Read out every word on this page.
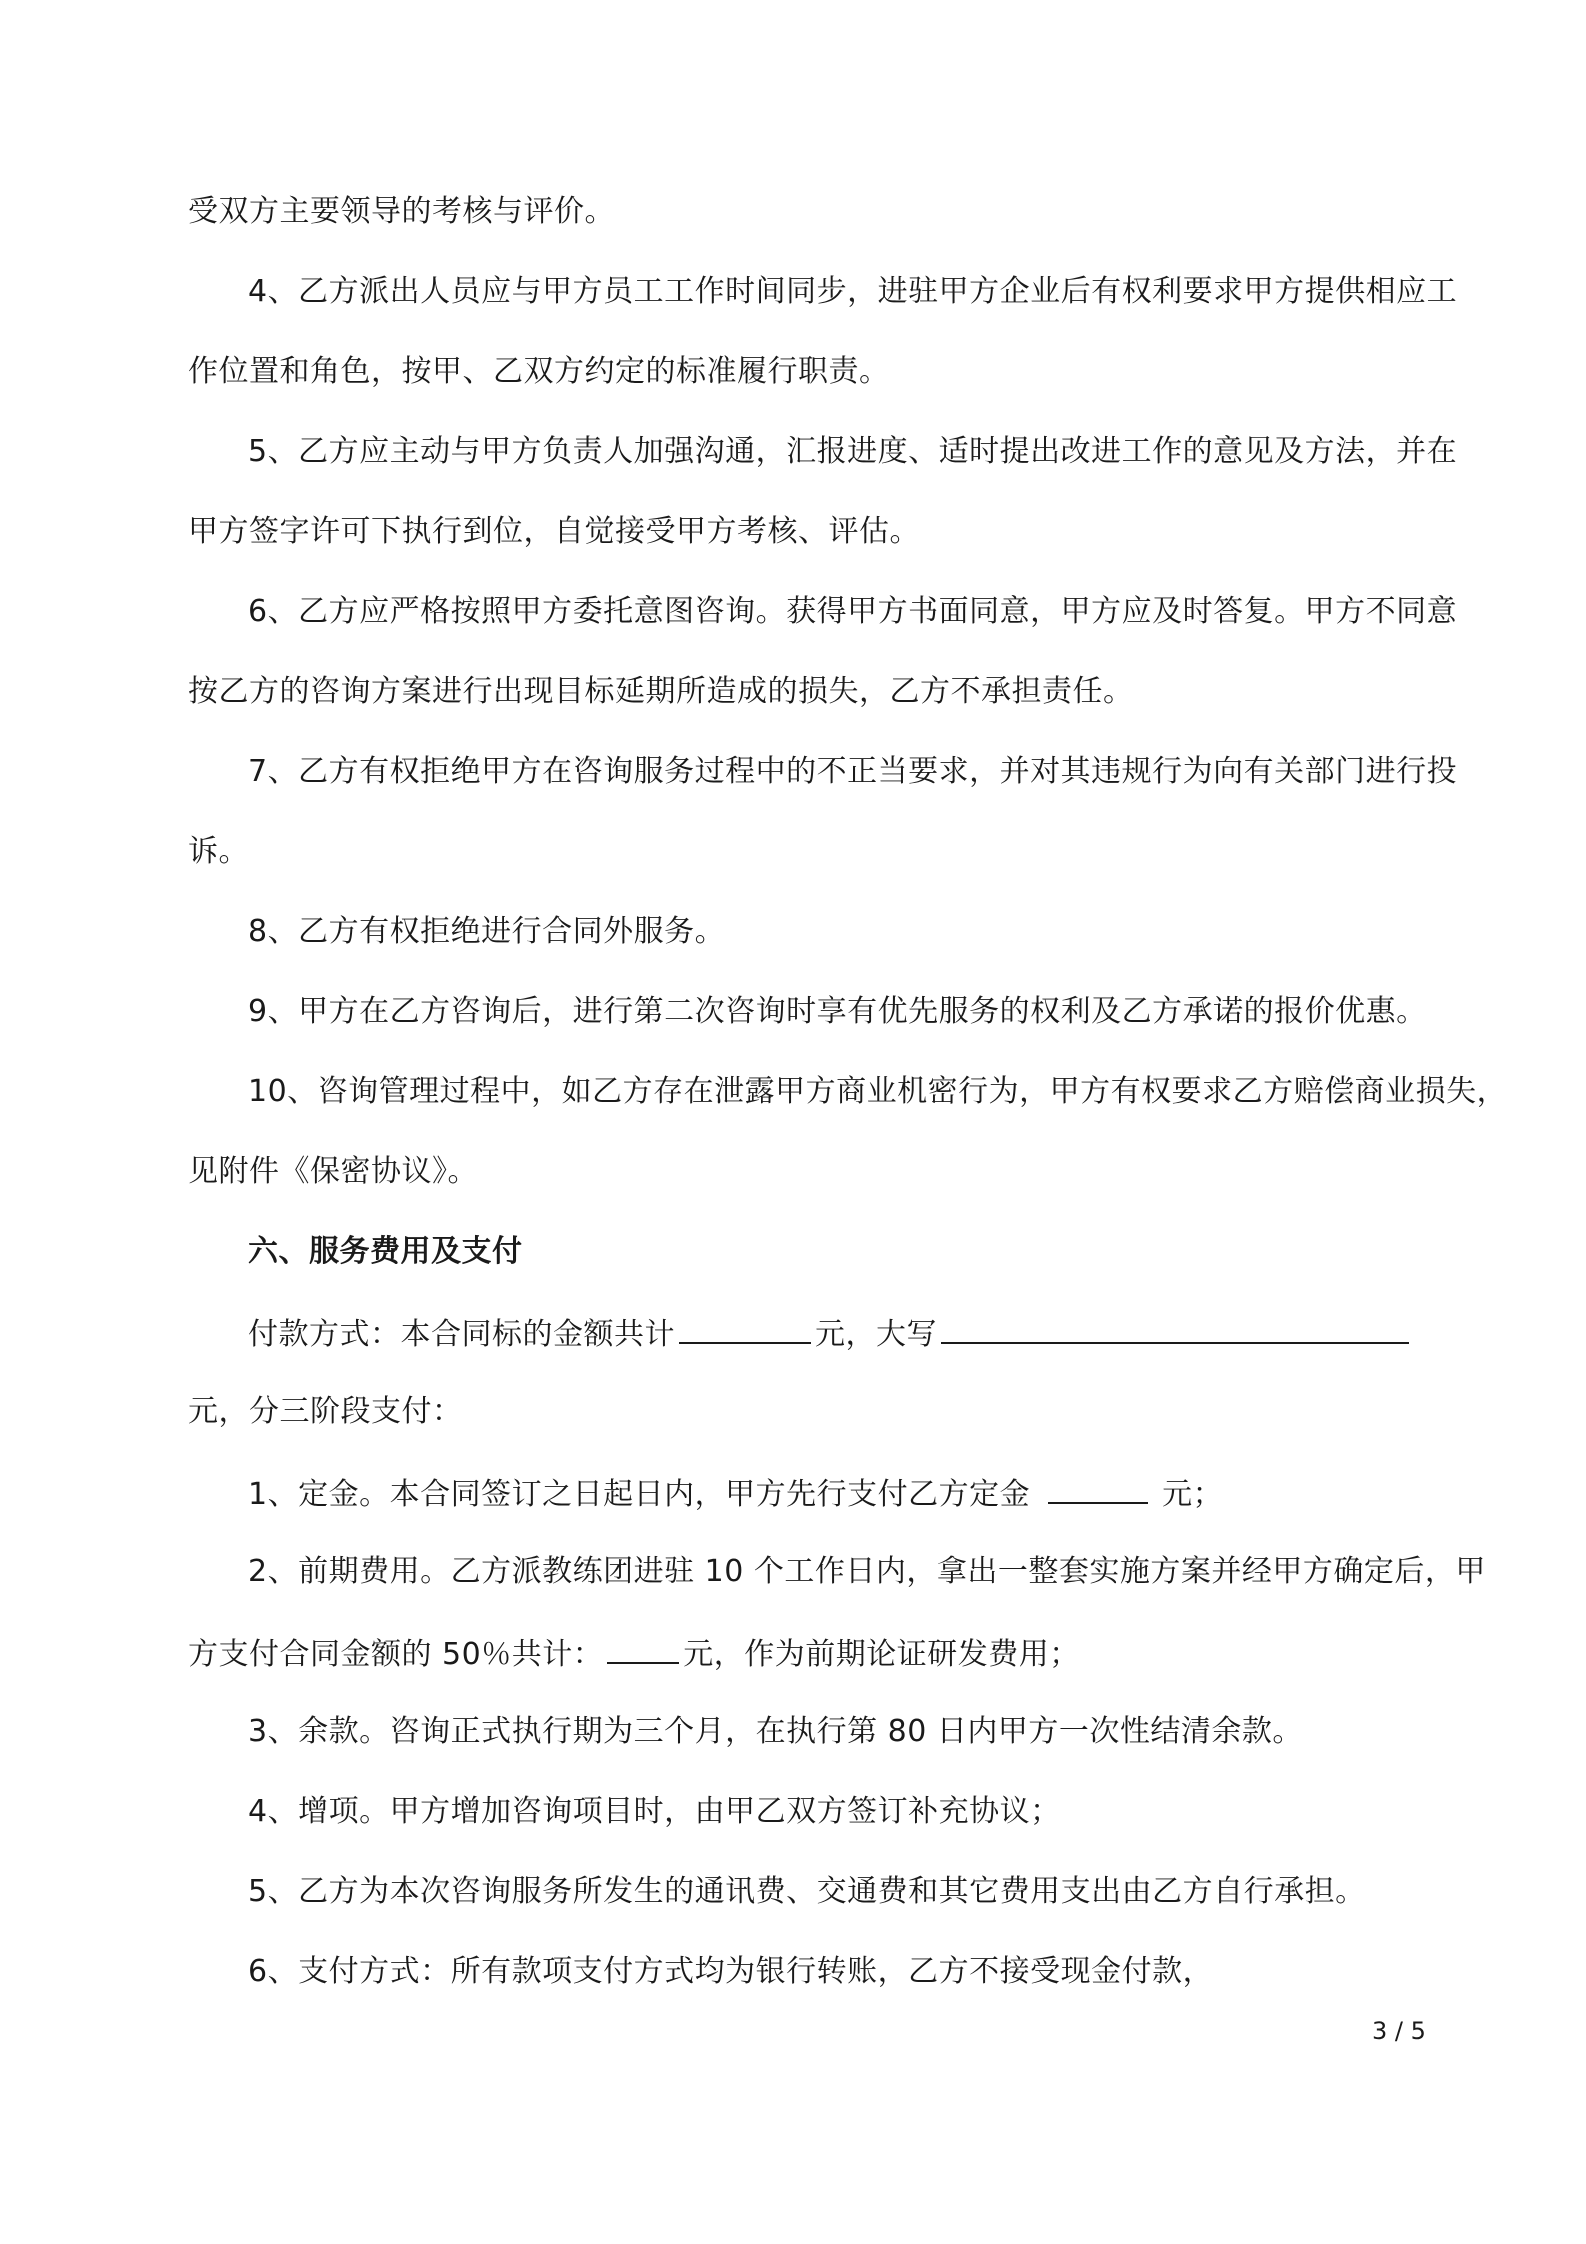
受双方主要领导的考核与评价。
4、乙方派出人员应与甲方员工工作时间同步，进驻甲方企业后有权利要求甲方提供相应工
作位置和角色，按甲、乙双方约定的标准履行职责。
5、乙方应主动与甲方负责人加强沟通，汇报进度、适时提出改进工作的意见及方法，并在
甲方签字许可下执行到位，自觉接受甲方考核、评估。
6、乙方应严格按照甲方委托意图咨询。获得甲方书面同意，甲方应及时答复。甲方不同意
按乙方的咨询方案进行出现目标延期所造成的损失，乙方不承担责任。
7、乙方有权拒绝甲方在咨询服务过程中的不正当要求，并对其违规行为向有关部门进行投
诉。
8、乙方有权拒绝进行合同外服务。
9、甲方在乙方咨询后，进行第二次咨询时享有优先服务的权利及乙方承诺的报价优惠。
10、咨询管理过程中，如乙方存在泄露甲方商业机密行为，甲方有权要求乙方赔偿商业损失，
见附件《保密协议》。
六、服务费用及支付
付款方式：本合同标的金额共计	元，大写
元，分三阶段支付：
1、定金。本合同签订之日起日内，甲方先行支付乙方定金	元；
2、前期费用。乙方派教练团进驻 10 个工作日内，拿出一整套实施方案并经甲方确定后，甲
方支付合同金额的 50％共计：	元，作为前期论证研发费用；
3、余款。咨询正式执行期为三个月，在执行第 80 日内甲方一次性结清余款。
4、增项。甲方增加咨询项目时，由甲乙双方签订补充协议；
5、乙方为本次咨询服务所发生的通讯费、交通费和其它费用支出由乙方自行承担。
6、支付方式：所有款项支付方式均为银行转账，乙方不接受现金付款，
3 / 5
